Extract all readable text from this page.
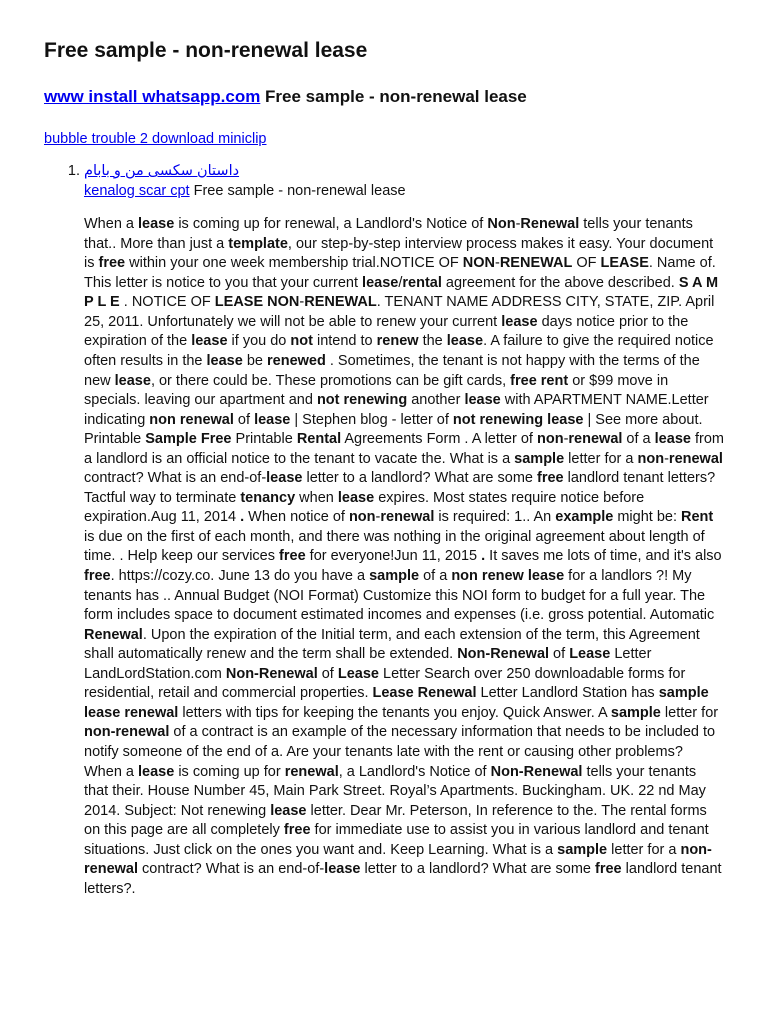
Free sample - non-renewal lease
www install whatsapp.com Free sample - non-renewal lease
bubble trouble 2 download miniclip
1. داستان سکسی من و بابام
kenalog scar cpt Free sample - non-renewal lease

When a lease is coming up for renewal, a Landlord's Notice of Non-Renewal tells your tenants that.. More than just a template, our step-by-step interview process makes it easy. Your document is free within your one week membership trial.NOTICE OF NON-RENEWAL OF LEASE. Name of. This letter is notice to you that your current lease/rental agreement for the above described. S A M P L E . NOTICE OF LEASE NON-RENEWAL. TENANT NAME ADDRESS CITY, STATE, ZIP. April 25, 2011. Unfortunately we will not be able to renew your current lease days notice prior to the expiration of the lease if you do not intend to renew the lease. A failure to give the required notice often results in the lease be renewed . Sometimes, the tenant is not happy with the terms of the new lease, or there could be. These promotions can be gift cards, free rent or $99 move in specials. leaving our apartment and not renewing another lease with APARTMENT NAME.Letter indicating non renewal of lease | Stephen blog - letter of not renewing lease | See more about. Printable Sample Free Printable Rental Agreements Form . A letter of non-renewal of a lease from a landlord is an official notice to the tenant to vacate the. What is a sample letter for a non-renewal contract? What is an end-of-lease letter to a landlord? What are some free landlord tenant letters?Tactful way to terminate tenancy when lease expires. Most states require notice before expiration.Aug 11, 2014 . When notice of non-renewal is required: 1.. An example might be: Rent is due on the first of each month, and there was nothing in the original agreement about length of time. . Help keep our services free for everyone!Jun 11, 2015 . It saves me lots of time, and it's also free. https://cozy.co. June 13 do you have a sample of a non renew lease for a landlors ?! My tenants has .. Annual Budget (NOI Format) Customize this NOI form to budget for a full year. The form includes space to document estimated incomes and expenses (i.e. gross potential. Automatic Renewal. Upon the expiration of the Initial term, and each extension of the term, this Agreement shall automatically renew and the term shall be extended. Non-Renewal of Lease Letter LandLordStation.com Non-Renewal of Lease Letter Search over 250 downloadable forms for residential, retail and commercial properties. Lease Renewal Letter Landlord Station has sample lease renewal letters with tips for keeping the tenants you enjoy. Quick Answer. A sample letter for non-renewal of a contract is an example of the necessary information that needs to be included to notify someone of the end of a. Are your tenants late with the rent or causing other problems? When a lease is coming up for renewal, a Landlord's Notice of Non-Renewal tells your tenants that their. House Number 45, Main Park Street. Royal’s Apartments. Buckingham. UK. 22 nd May 2014. Subject: Not renewing lease letter. Dear Mr. Peterson, In reference to the. The rental forms on this page are all completely free for immediate use to assist you in various landlord and tenant situations. Just click on the ones you want and. Keep Learning. What is a sample letter for a non-renewal contract? What is an end-of-lease letter to a landlord? What are some free landlord tenant letters?.
